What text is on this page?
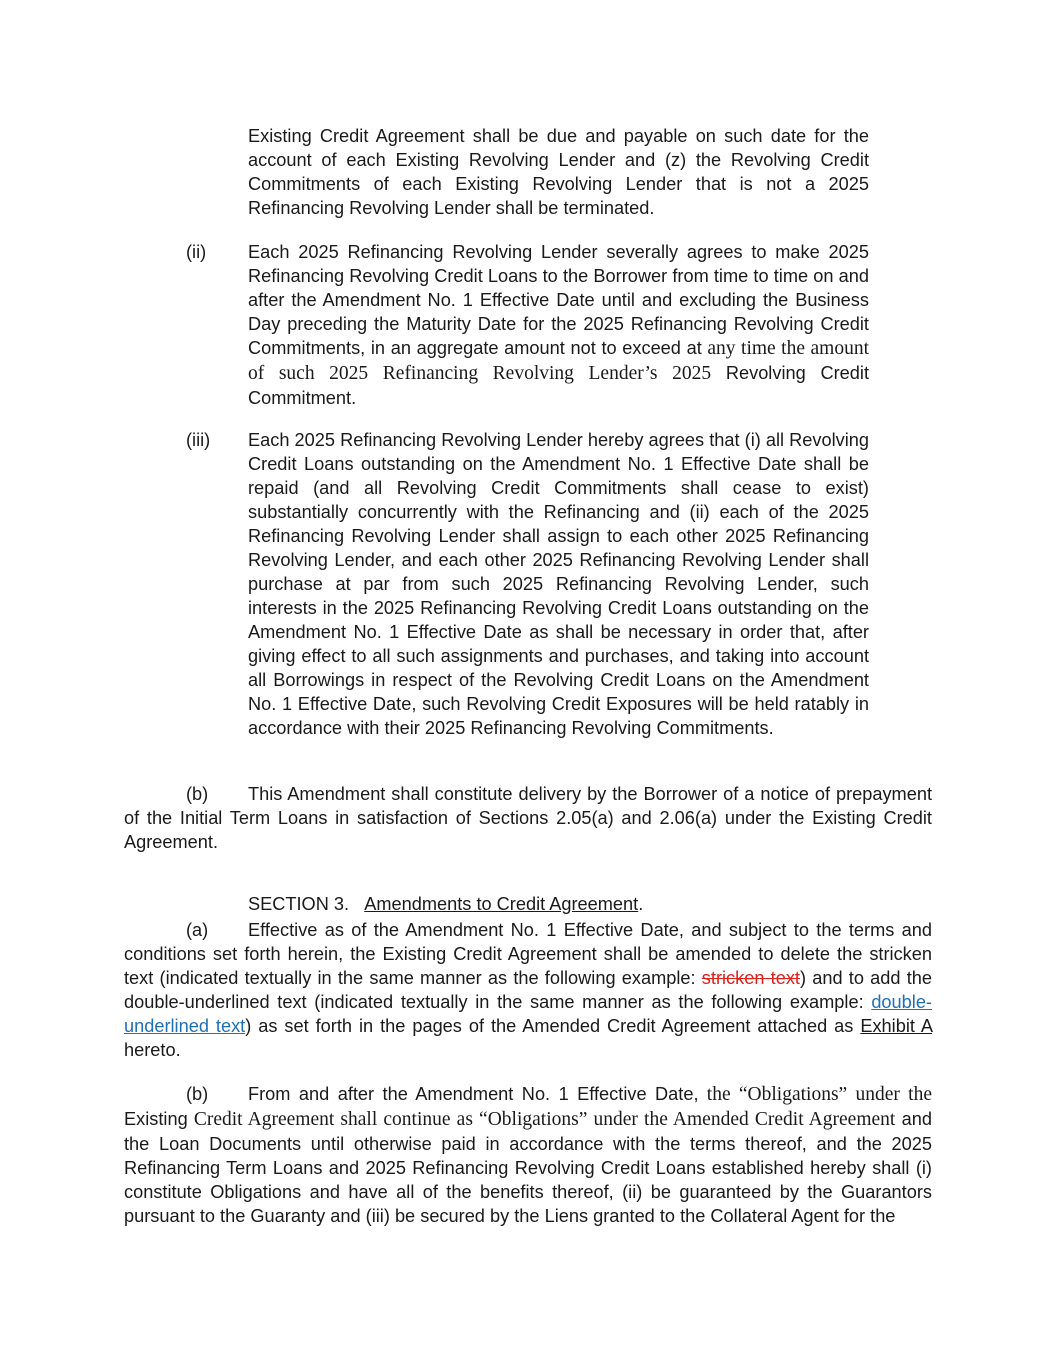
Existing Credit Agreement shall be due and payable on such date for the account of each Existing Revolving Lender and (z) the Revolving Credit Commitments of each Existing Revolving Lender that is not a 2025 Refinancing Revolving Lender shall be terminated.

(ii) Each 2025 Refinancing Revolving Lender severally agrees to make 2025 Refinancing Revolving Credit Loans to the Borrower from time to time on and after the Amendment No. 1 Effective Date until and excluding the Business Day preceding the Maturity Date for the 2025 Refinancing Revolving Credit Commitments, in an aggregate amount not to exceed at any time the amount of such 2025 Refinancing Revolving Lender’s 2025 Revolving Credit Commitment.

(iii) Each 2025 Refinancing Revolving Lender hereby agrees that (i) all Revolving Credit Loans outstanding on the Amendment No. 1 Effective Date shall be repaid (and all Revolving Credit Commitments shall cease to exist) substantially concurrently with the Refinancing and (ii) each of the 2025 Refinancing Revolving Lender shall assign to each other 2025 Refinancing Revolving Lender, and each other 2025 Refinancing Revolving Lender shall purchase at par from such 2025 Refinancing Revolving Lender, such interests in the 2025 Refinancing Revolving Credit Loans outstanding on the Amendment No. 1 Effective Date as shall be necessary in order that, after giving effect to all such assignments and purchases, and taking into account all Borrowings in respect of the Revolving Credit Loans on the Amendment No. 1 Effective Date, such Revolving Credit Exposures will be held ratably in accordance with their 2025 Refinancing Revolving Commitments.

(b) This Amendment shall constitute delivery by the Borrower of a notice of prepayment of the Initial Term Loans in satisfaction of Sections 2.05(a) and 2.06(a) under the Existing Credit Agreement.

SECTION 3. Amendments to Credit Agreement.

(a) Effective as of the Amendment No. 1 Effective Date, and subject to the terms and conditions set forth herein, the Existing Credit Agreement shall be amended to delete the stricken text (indicated textually in the same manner as the following example: stricken text) and to add the double-underlined text (indicated textually in the same manner as the following example: double-underlined text) as set forth in the pages of the Amended Credit Agreement attached as Exhibit A hereto.

(b) From and after the Amendment No. 1 Effective Date, the “Obligations” under the Existing Credit Agreement shall continue as “Obligations” under the Amended Credit Agreement and the Loan Documents until otherwise paid in accordance with the terms thereof, and the 2025 Refinancing Term Loans and 2025 Refinancing Revolving Credit Loans established hereby shall (i) constitute Obligations and have all of the benefits thereof, (ii) be guaranteed by the Guarantors pursuant to the Guaranty and (iii) be secured by the Liens granted to the Collateral Agent for the
